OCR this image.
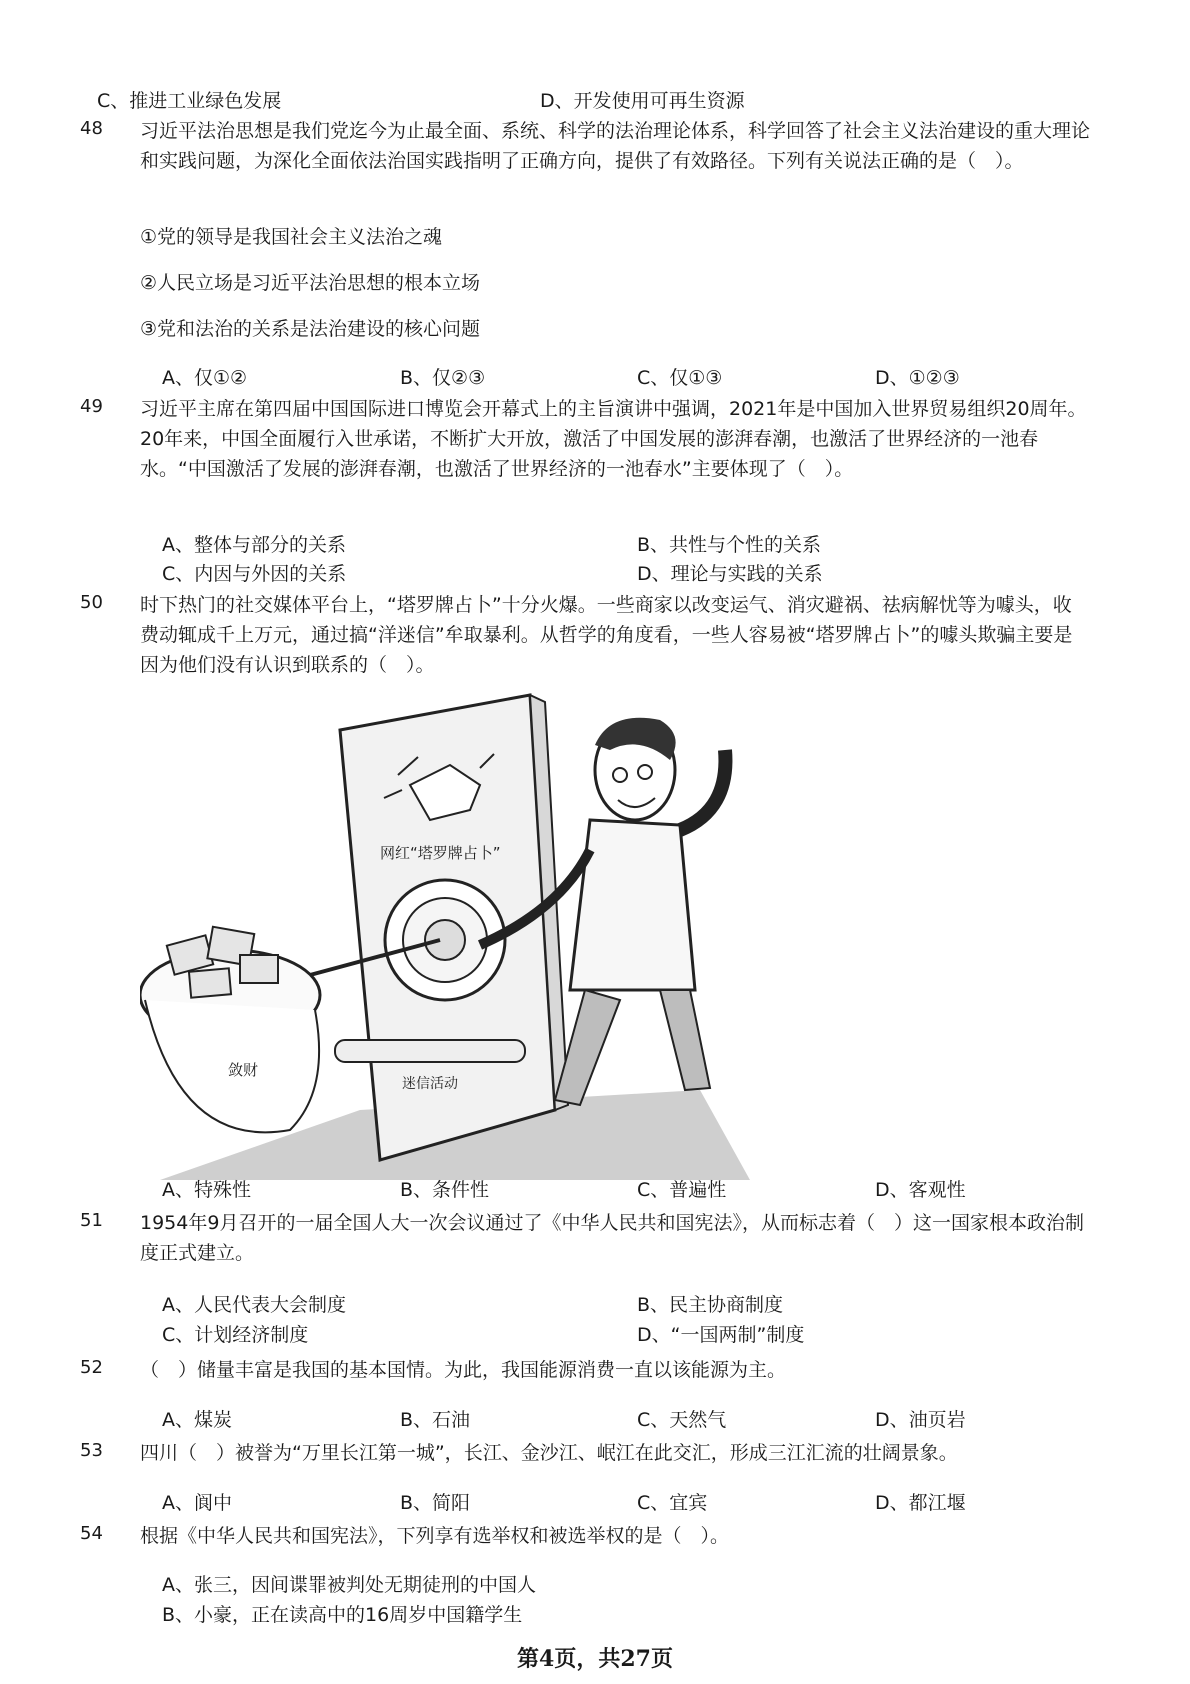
C、推进工业绿色发展	D、开发使用可再生资源
48 习近平法治思想是我们党迄今为止最全面、系统、科学的法治理论体系，科学回答了社会主义法治建设的重大理论和实践问题，为深化全面依法治国实践指明了正确方向，提供了有效路径。下列有关说法正确的是（　）。
①党的领导是我国社会主义法治之魂
②人民立场是习近平法治思想的根本立场
③党和法治的关系是法治建设的核心问题
A、仅①②	B、仅②③	C、仅①③	D、①②③
49 习近平主席在第四届中国国际进口博览会开幕式上的主旨演讲中强调，2021年是中国加入世界贸易组织20周年。20年来，中国全面履行入世承诺，不断扩大开放，激活了中国发展的澎湃春潮，也激活了世界经济的一池春水。“中国激活了发展的澎湃春潮，也激活了世界经济的一池春水”主要体现了（　）。
A、整体与部分的关系	B、共性与个性的关系
C、内因与外因的关系	D、理论与实践的关系
50 时下热门的社交媒体平台上，“塔罗牌占卜”十分火爆。一些商家以改变运气、消灾避祸、祛病解忧等为噱头，收费动辄成千上万元，通过搞“洋迷信”牟取暴利。从哲学的角度看，一些人容易被“塔罗牌占卜”的噱头欺骗主要是因为他们没有认识到联系的（　）。
网红“塔罗牌占卜”
迷信活动
敛财
A、特殊性	B、条件性	C、普遍性	D、客观性
51 1954年9月召开的一届全国人大一次会议通过了《中华人民共和国宪法》，从而标志着（　）这一国家根本政治制度正式建立。
A、人民代表大会制度	B、民主协商制度
C、计划经济制度	D、“一国两制”制度
52 （　）储量丰富是我国的基本国情。为此，我国能源消费一直以该能源为主。
A、煤炭	B、石油	C、天然气	D、油页岩
53 四川（　）被誉为“万里长江第一城”，长江、金沙江、岷江在此交汇，形成三江汇流的壮阔景象。
A、阆中	B、简阳	C、宜宾	D、都江堰
54 根据《中华人民共和国宪法》，下列享有选举权和被选举权的是（　）。
A、张三，因间谍罪被判处无期徒刑的中国人
B、小豪，正在读高中的16周岁中国籍学生
第4页，共27页
